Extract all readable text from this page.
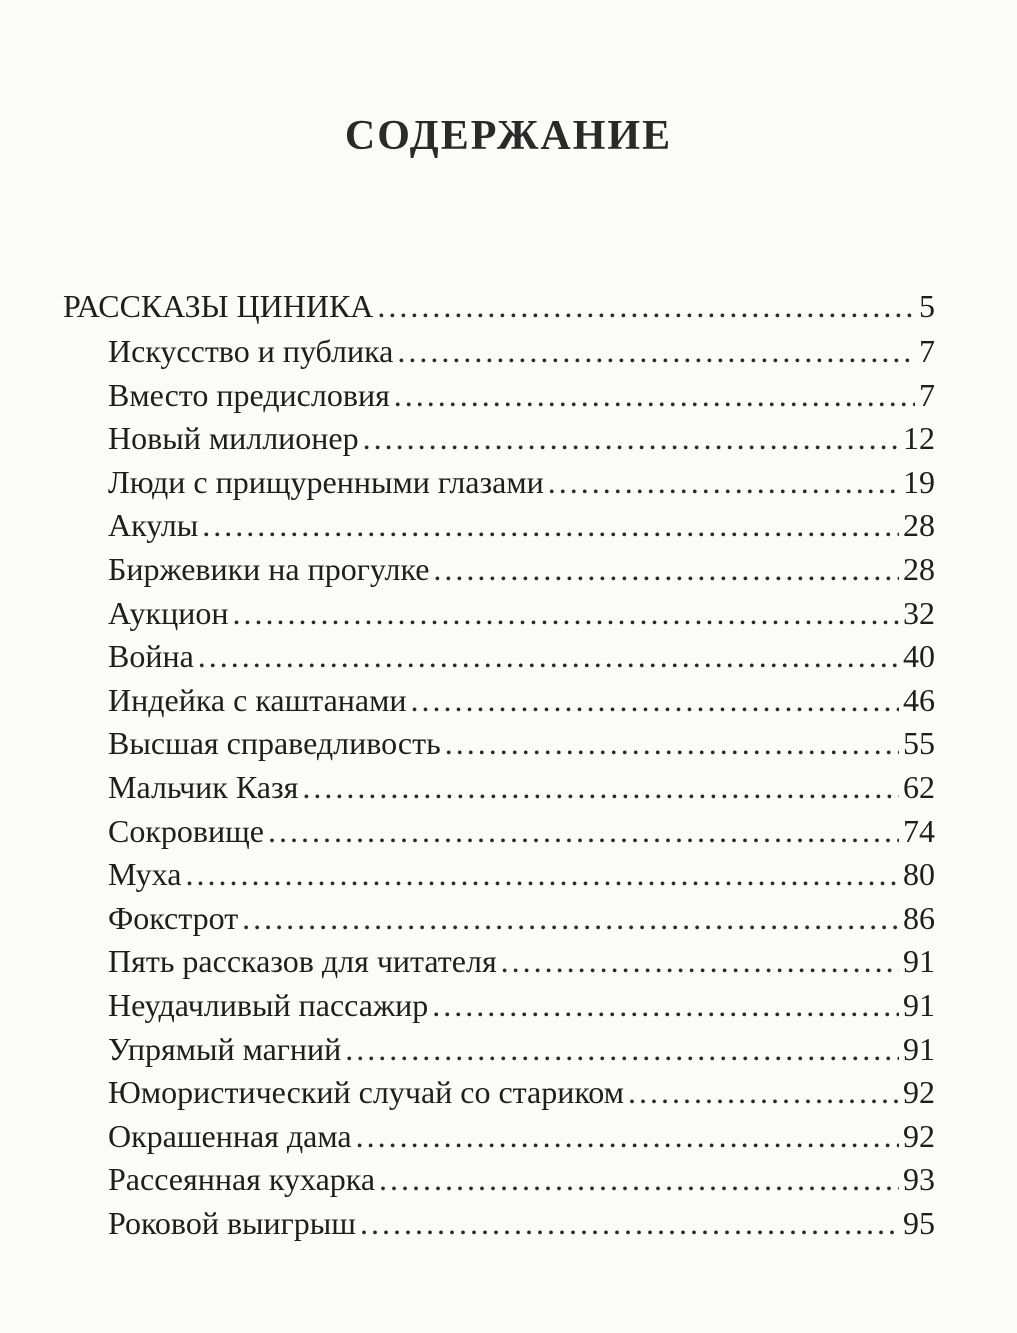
СОДЕРЖАНИЕ
РАССКАЗЫ ЦИНИКА .....	5
Искусство и публика .....	7
Вместо предисловия .....	7
Новый миллионер .....	12
Люди с прищуренными глазами .....	19
Акулы .....	28
Биржевики на прогулке .....	28
Аукцион .....	32
Война .....	40
Индейка с каштанами .....	46
Высшая справедливость .....	55
Мальчик Казя .....	62
Сокровище .....	74
Муха .....	80
Фокстрот .....	86
Пять рассказов для читателя .....	91
Неудачливый пассажир .....	91
Упрямый магний .....	91
Юмористический случай со стариком .....	92
Окрашенная дама .....	92
Рассеянная кухарка .....	93
Роковой выигрыш .....	95
